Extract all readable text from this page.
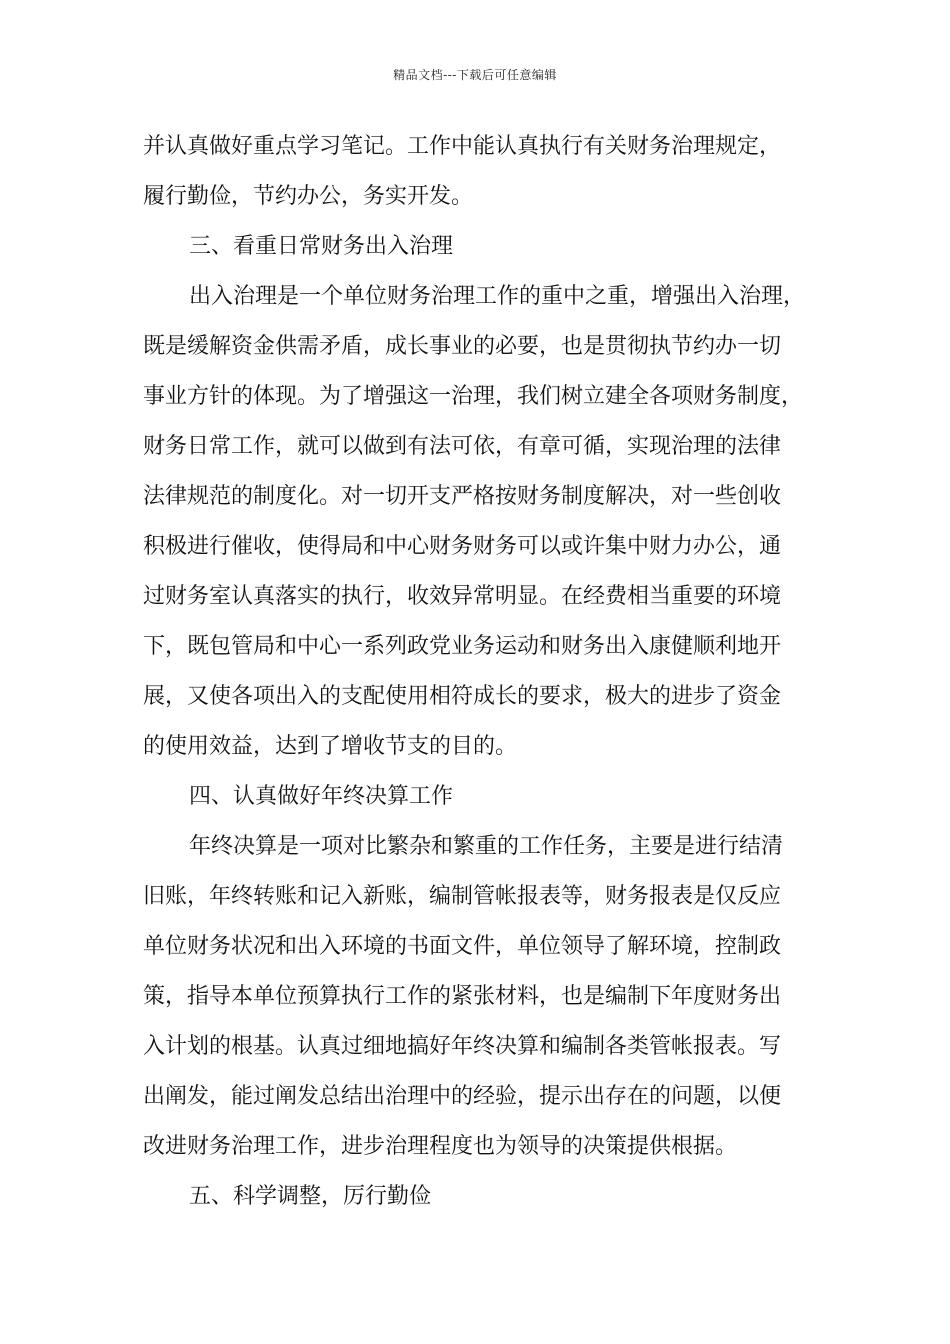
精品文档---下载后可任意编辑
并认真做好重点学习笔记。工作中能认真执行有关财务治理规定，
履行勤俭，节约办公，务实开发。
三、看重日常财务出入治理
出入治理是一个单位财务治理工作的重中之重，增强出入治理，
既是缓解资金供需矛盾，成长事业的必要，也是贯彻执节约办一切
事业方针的体现。为了增强这一治理，我们树立建全各项财务制度，
财务日常工作，就可以做到有法可依，有章可循，实现治理的法律
法律规范的制度化。对一切开支严格按财务制度解决，对一些创收
积极进行催收，使得局和中心财务财务可以或许集中财力办公，通
过财务室认真落实的执行，收效异常明显。在经费相当重要的环境
下，既包管局和中心一系列政党业务运动和财务出入康健顺利地开
展，又使各项出入的支配使用相符成长的要求，极大的进步了资金
的使用效益，达到了增收节支的目的。
四、认真做好年终决算工作
年终决算是一项对比繁杂和繁重的工作任务，主要是进行结清
旧账，年终转账和记入新账，编制管帐报表等，财务报表是仅反应
单位财务状况和出入环境的书面文件，单位领导了解环境，控制政
策，指导本单位预算执行工作的紧张材料，也是编制下年度财务出
入计划的根基。认真过细地搞好年终决算和编制各类管帐报表。写
出阐发，能过阐发总结出治理中的经验，提示出存在的问题，以便
改进财务治理工作，进步治理程度也为领导的决策提供根据。
五、科学调整，厉行勤俭
